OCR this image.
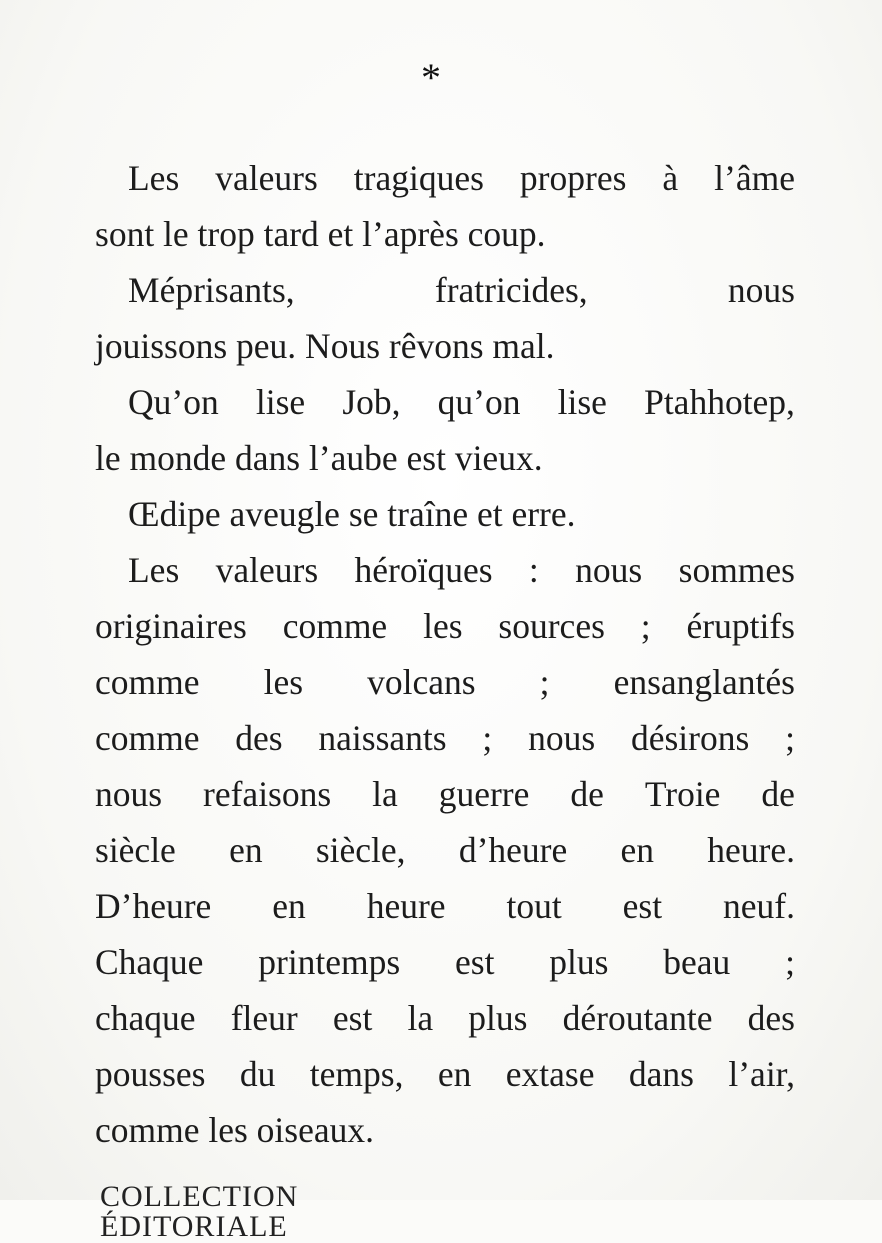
*

Les valeurs tragiques propres à l’âme
sont le trop tard et l’après coup.

Méprisants,	fratricides,	nous
jouissons peu. Nous rêvons mal.

Qu’on lise Job, qu’on lise Ptahhotep,
le monde dans l’aube est vieux.

Œdipe aveugle se traîne et erre.

Les valeurs héroïques : nous sommes
originaires comme les sources ; éruptifs
comme les volcans ; ensanglantés
comme des naissants ; nous désirons ;
nous refaisons la guerre de Troie de
siècle en siècle, d’heure en heure.
D’heure en heure tout est neuf.
Chaque printemps est plus beau ;
chaque fleur est la plus déroutante des
pousses du temps, en extase dans l’air,
comme les oiseaux.

COLLECTION ÉDITORIALE
